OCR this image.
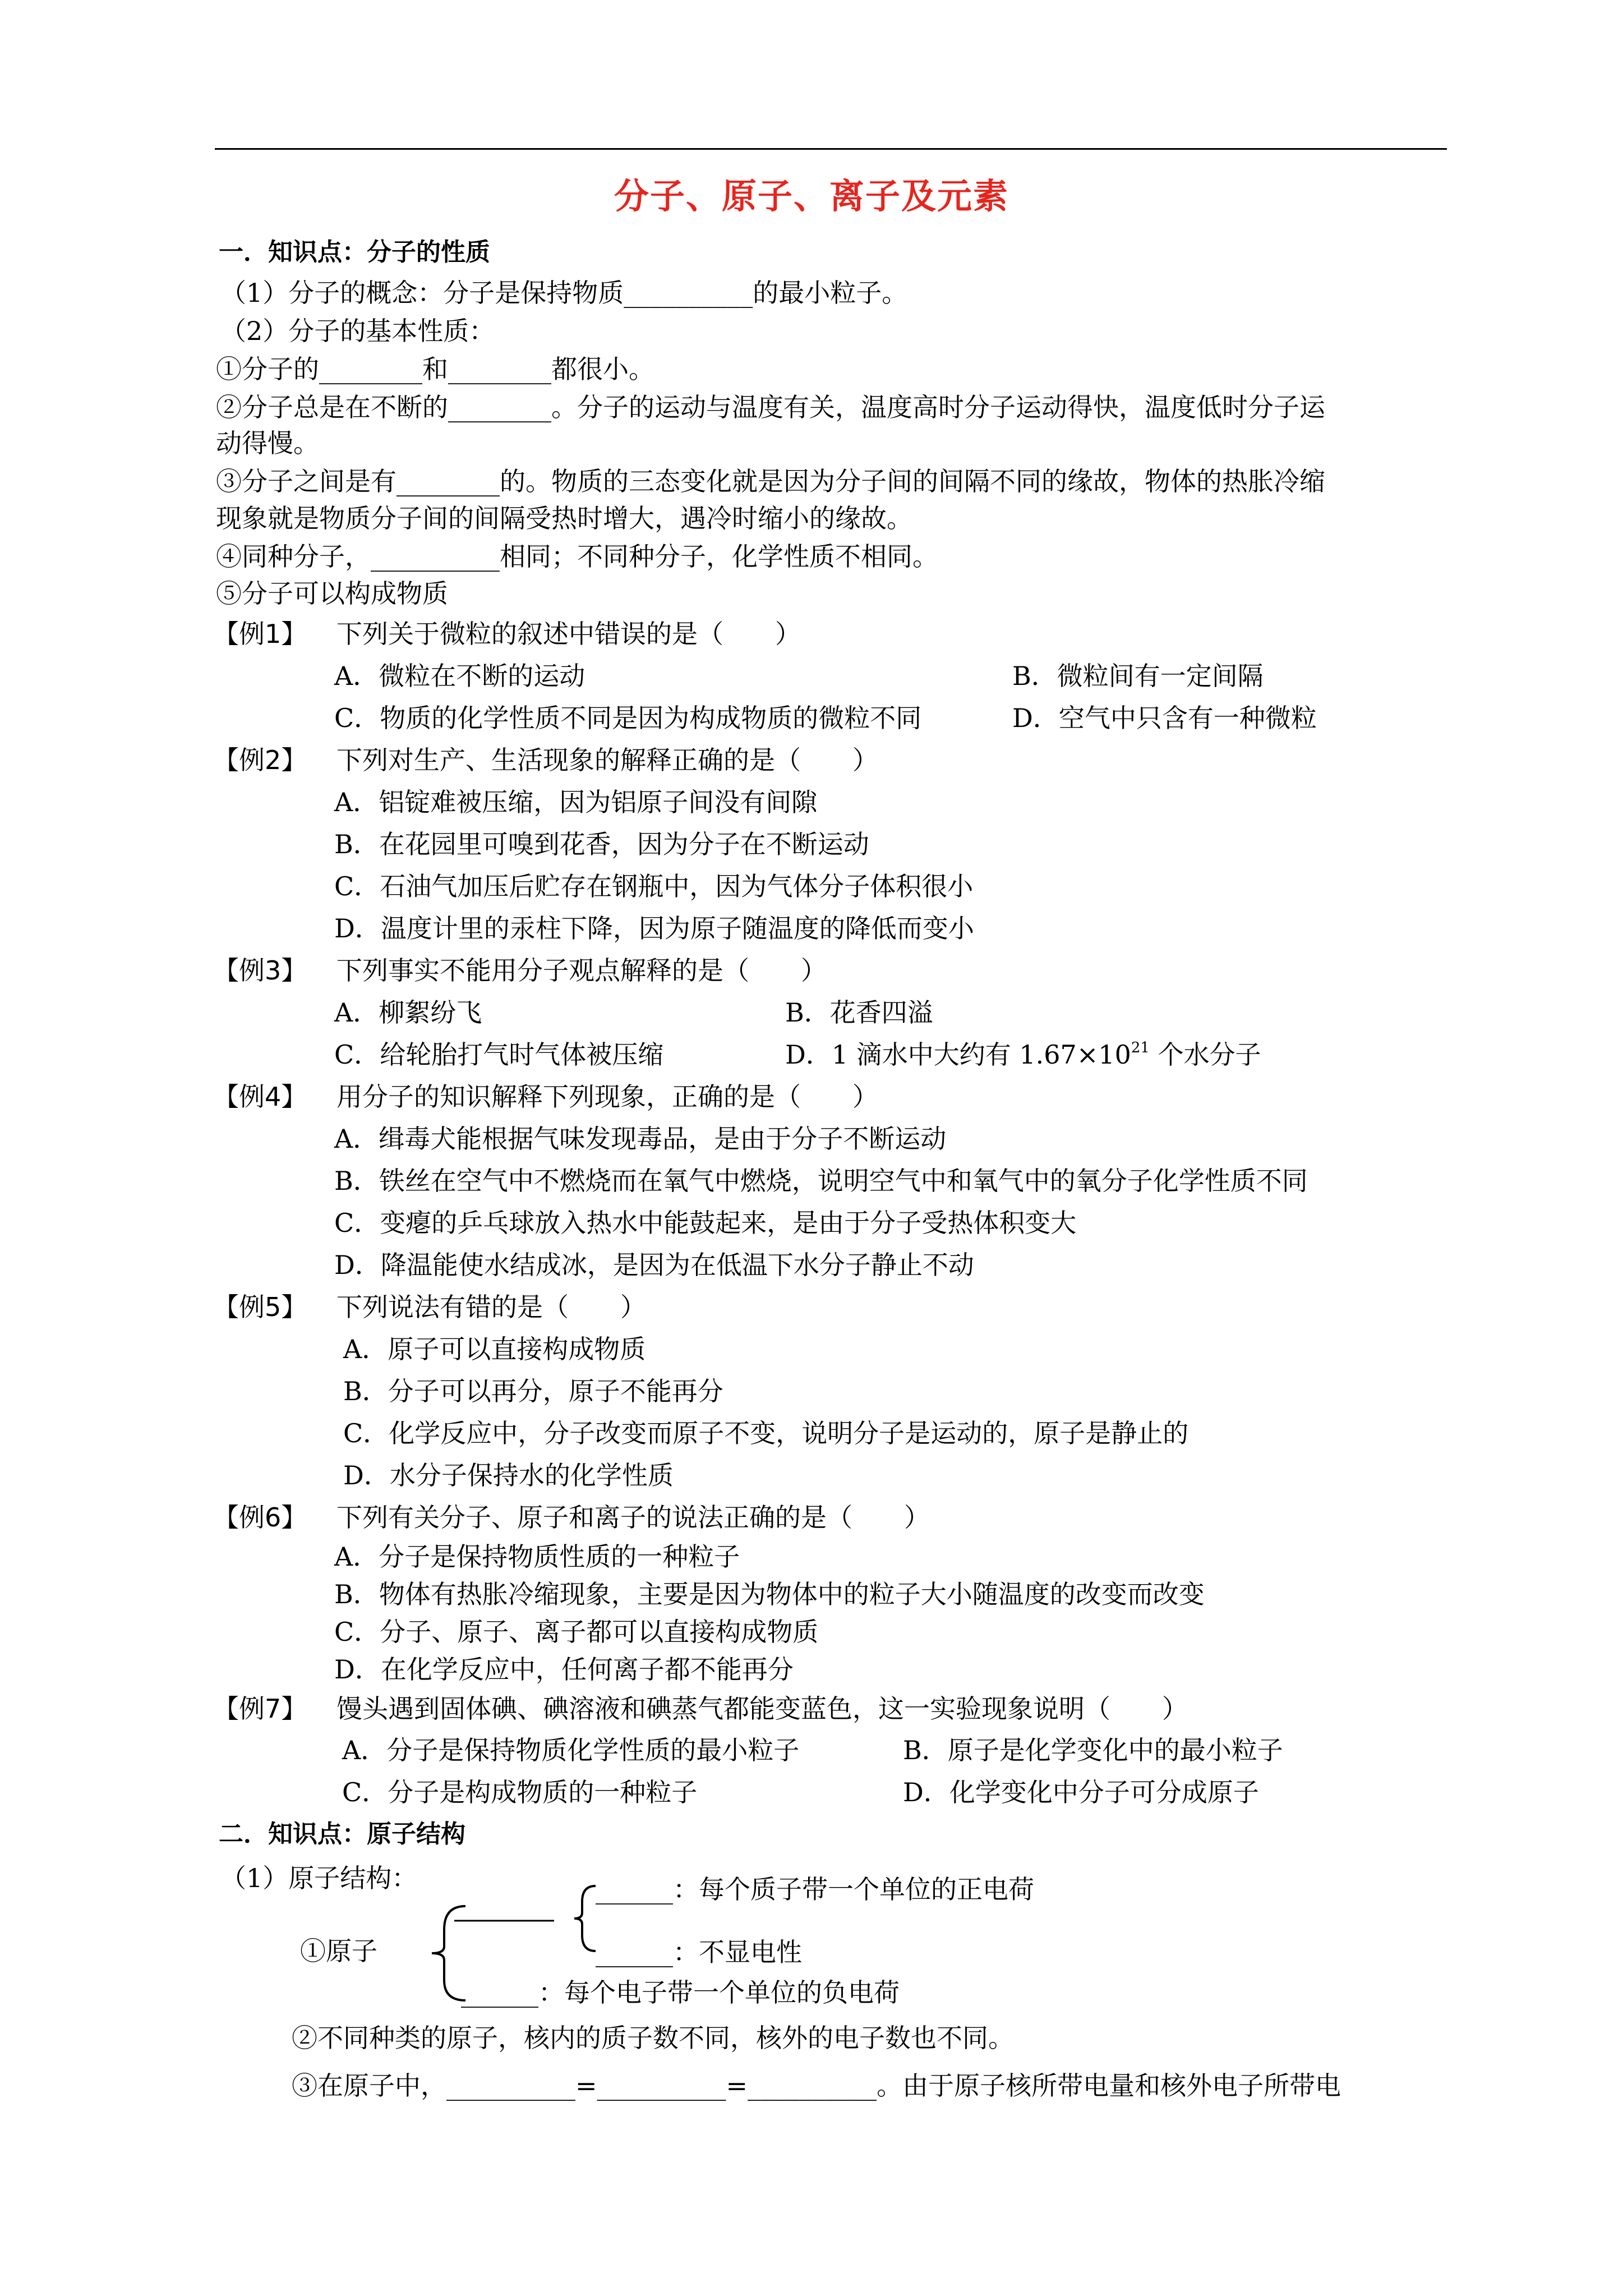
分子、原子、离子及元素
一．知识点：分子的性质
（1）分子的概念：分子是保持物质__________的最小粒子。
（2）分子的基本性质：
①分子的________和________都很小。
②分子总是在不断的________。分子的运动与温度有关，温度高时分子运动得快，温度低时分子运
动得慢。
③分子之间是有________的。物质的三态变化就是因为分子间的间隔不同的缘故，物体的热胀冷缩
现象就是物质分子间的间隔受热时增大，遇冷时缩小的缘故。
④同种分子，__________相同；不同种分子，化学性质不相同。
⑤分子可以构成物质
【例1】 下列关于微粒的叙述中错误的是（　　）
A．微粒在不断的运动	B．微粒间有一定间隔
C．物质的化学性质不同是因为构成物质的微粒不同	D．空气中只含有一种微粒
【例2】 下列对生产、生活现象的解释正确的是（　　）
A．铝锭难被压缩，因为铝原子间没有间隙
B．在花园里可嗅到花香，因为分子在不断运动
C．石油气加压后贮存在钢瓶中，因为气体分子体积很小
D．温度计里的汞柱下降，因为原子随温度的降低而变小
【例3】 下列事实不能用分子观点解释的是（　　）
A．柳絮纷飞	B．花香四溢
C．给轮胎打气时气体被压缩	D．1 滴水中大约有 $1.67\times 10^{21}$ 个水分子
【例4】 用分子的知识解释下列现象，正确的是（　　）
A．缉毒犬能根据气味发现毒品，是由于分子不断运动
B．铁丝在空气中不燃烧而在氧气中燃烧，说明空气中和氧气中的氧分子化学性质不同
C．变瘪的乒乓球放入热水中能鼓起来，是由于分子受热体积变大
D．降温能使水结成冰，是因为在低温下水分子静止不动
【例5】 下列说法有错的是（　　）
A．原子可以直接构成物质
B．分子可以再分，原子不能再分
C．化学反应中，分子改变而原子不变，说明分子是运动的，原子是静止的
D．水分子保持水的化学性质
【例6】 下列有关分子、原子和离子的说法正确的是（　　）
A．分子是保持物质性质的一种粒子
B．物体有热胀冷缩现象，主要是因为物体中的粒子大小随温度的改变而改变
C．分子、原子、离子都可以直接构成物质
D．在化学反应中，任何离子都不能再分
【例7】 馒头遇到固体碘、碘溶液和碘蒸气都能变蓝色，这一实验现象说明（　　）
A．分子是保持物质化学性质的最小粒子	B．原子是化学变化中的最小粒子
C．分子是构成物质的一种粒子	D．化学变化中分子可分成原子
二．知识点：原子结构
（1）原子结构：
①原子
______：每个质子带一个单位的正电荷
______：不显电性
______：每个电子带一个单位的负电荷
②不同种类的原子，核内的质子数不同，核外的电子数也不同。
③在原子中，__________=__________=__________。由于原子核所带电量和核外电子所带电
